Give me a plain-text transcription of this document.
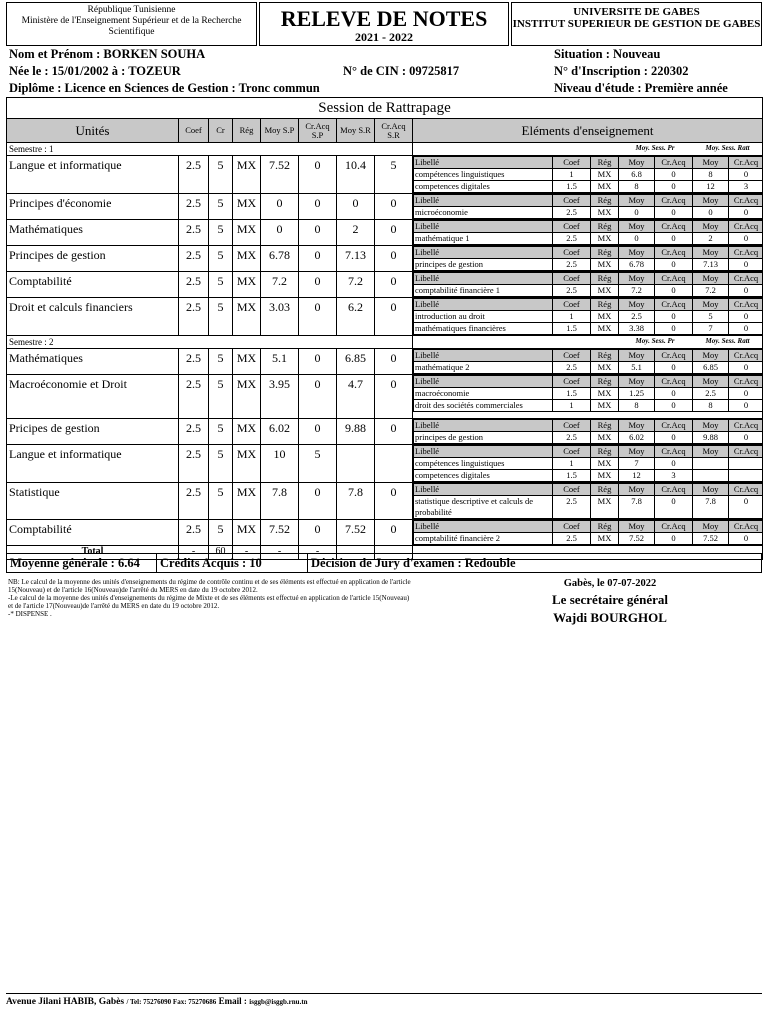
République Tunisienne
Ministère de l'Enseignement Supérieur et de la Recherche
Scientifique
RELEVE DE NOTES
2021 - 2022
UNIVERSITE DE GABES
INSTITUT SUPERIEUR DE GESTION DE GABES
Nom et Prénom : BORKEN SOUHA
Née le : 15/01/2002 à : TOZEUR	N° de CIN : 09725817
Diplôme : Licence en Sciences de Gestion : Tronc commun
Situation : Nouveau
N° d'Inscription : 220302
Niveau d'étude : Première année
Session de Rattrapage
Unités	Coef	Cr	Rég	Moy S.P	Cr.Acq S.P	Moy S.R	Cr.Acq S.R	Eléments d'enseignement
Semestre : 1	
		Moy. Sess. Pr	Moy. Sess. Ratt

Langue et informatique	2.5	5	MX	7.52	0	10.4	5	Libellé	Coef	Rég	Moy	Cr.Acq	Moy	Cr.Acq
compétences linguistiques	1	MX	6.8	0	8	0
competences digitales	1.5	MX	8	0	12	3

Principes d'économie	2.5	5	MX	0	0	0	0	Libellé	Coef	Rég	Moy	Cr.Acq	Moy	Cr.Acq
microéconomie	2.5	MX	0	0	0	0

Mathématiques	2.5	5	MX	0	0	2	0	Libellé	Coef	Rég	Moy	Cr.Acq	Moy	Cr.Acq
mathématique 1	2.5	MX	0	0	2	0

Principes de gestion	2.5	5	MX	6.78	0	7.13	0	Libellé	Coef	Rég	Moy	Cr.Acq	Moy	Cr.Acq
principes de gestion	2.5	MX	6.78	0	7.13	0

Comptabilité	2.5	5	MX	7.2	0	7.2	0	Libellé	Coef	Rég	Moy	Cr.Acq	Moy	Cr.Acq
comptabilité financière 1	2.5	MX	7.2	0	7.2	0

Droit et calculs financiers	2.5	5	MX	3.03	0	6.2	0	Libellé	Coef	Rég	Moy	Cr.Acq	Moy	Cr.Acq
introduction au droit	1	MX	2.5	0	5	0
mathématiques financières	1.5	MX	3.38	0	7	0

Semestre : 2	
		Moy. Sess. Pr	Moy. Sess. Ratt

Mathématiques	2.5	5	MX	5.1	0	6.85	0	Libellé	Coef	Rég	Moy	Cr.Acq	Moy	Cr.Acq
mathématique 2	2.5	MX	5.1	0	6.85	0

Macroéconomie et Droit	2.5	5	MX	3.95	0	4.7	0	Libellé	Coef	Rég	Moy	Cr.Acq	Moy	Cr.Acq
macroéconomie	1.5	MX	1.25	0	2.5	0
droit des sociétés commerciales	1	MX	8	0	8	0

Pricipes de gestion	2.5	5	MX	6.02	0	9.88	0	Libellé	Coef	Rég	Moy	Cr.Acq	Moy	Cr.Acq
principes de gestion	2.5	MX	6.02	0	9.88	0

Langue et informatique	2.5	5	MX	10	5				Libellé	Coef	Rég	Moy	Cr.Acq	Moy	Cr.Acq
compétences linguistiques	1	MX	7	0		
competences digitales	1.5	MX	12	3		

Statistique	2.5	5	MX	7.8	0	7.8	0	Libellé	Coef	Rég	Moy	Cr.Acq	Moy	Cr.Acq
statistique descriptive et calculs de probabilité	2.5	MX	7.8	0	7.8	0

Comptabilité	2.5	5	MX	7.52	0	7.52	0	Libellé	Coef	Rég	Moy	Cr.Acq	Moy	Cr.Acq
comptabilité financière 2	2.5	MX	7.52	0	7.52	0

Total	-	60	-	-	-			
Moyenne générale : 6.64 Crédits Acquis : 10	Décision de Jury d'examen : Redouble
NB: Le calcul de la moyenne des unités d'enseignements du régime de contrôle continu et de ses éléments est effectué en application de l'article
15(Nouveau) et de l'article 16(Nouveau)de l'arrêté du MERS en date du 19 octobre 2012.
-Le calcul de la moyenne des unités d'enseignements du régime de Mixte et de ses éléments est effectué en application de l'article 15(Nouveau)
et de l'article 17(Nouveau)de l'arrêté du MERS en date du 19 octobre 2012.
-* DISPENSE .
Gabès, le 07-07-2022
Le secrétaire général
Wajdi BOURGHOL
Avenue Jilani HABIB, Gabès / Tel: 75276090 Fax: 75270686 Email : isggb@isggb.rnu.tn
